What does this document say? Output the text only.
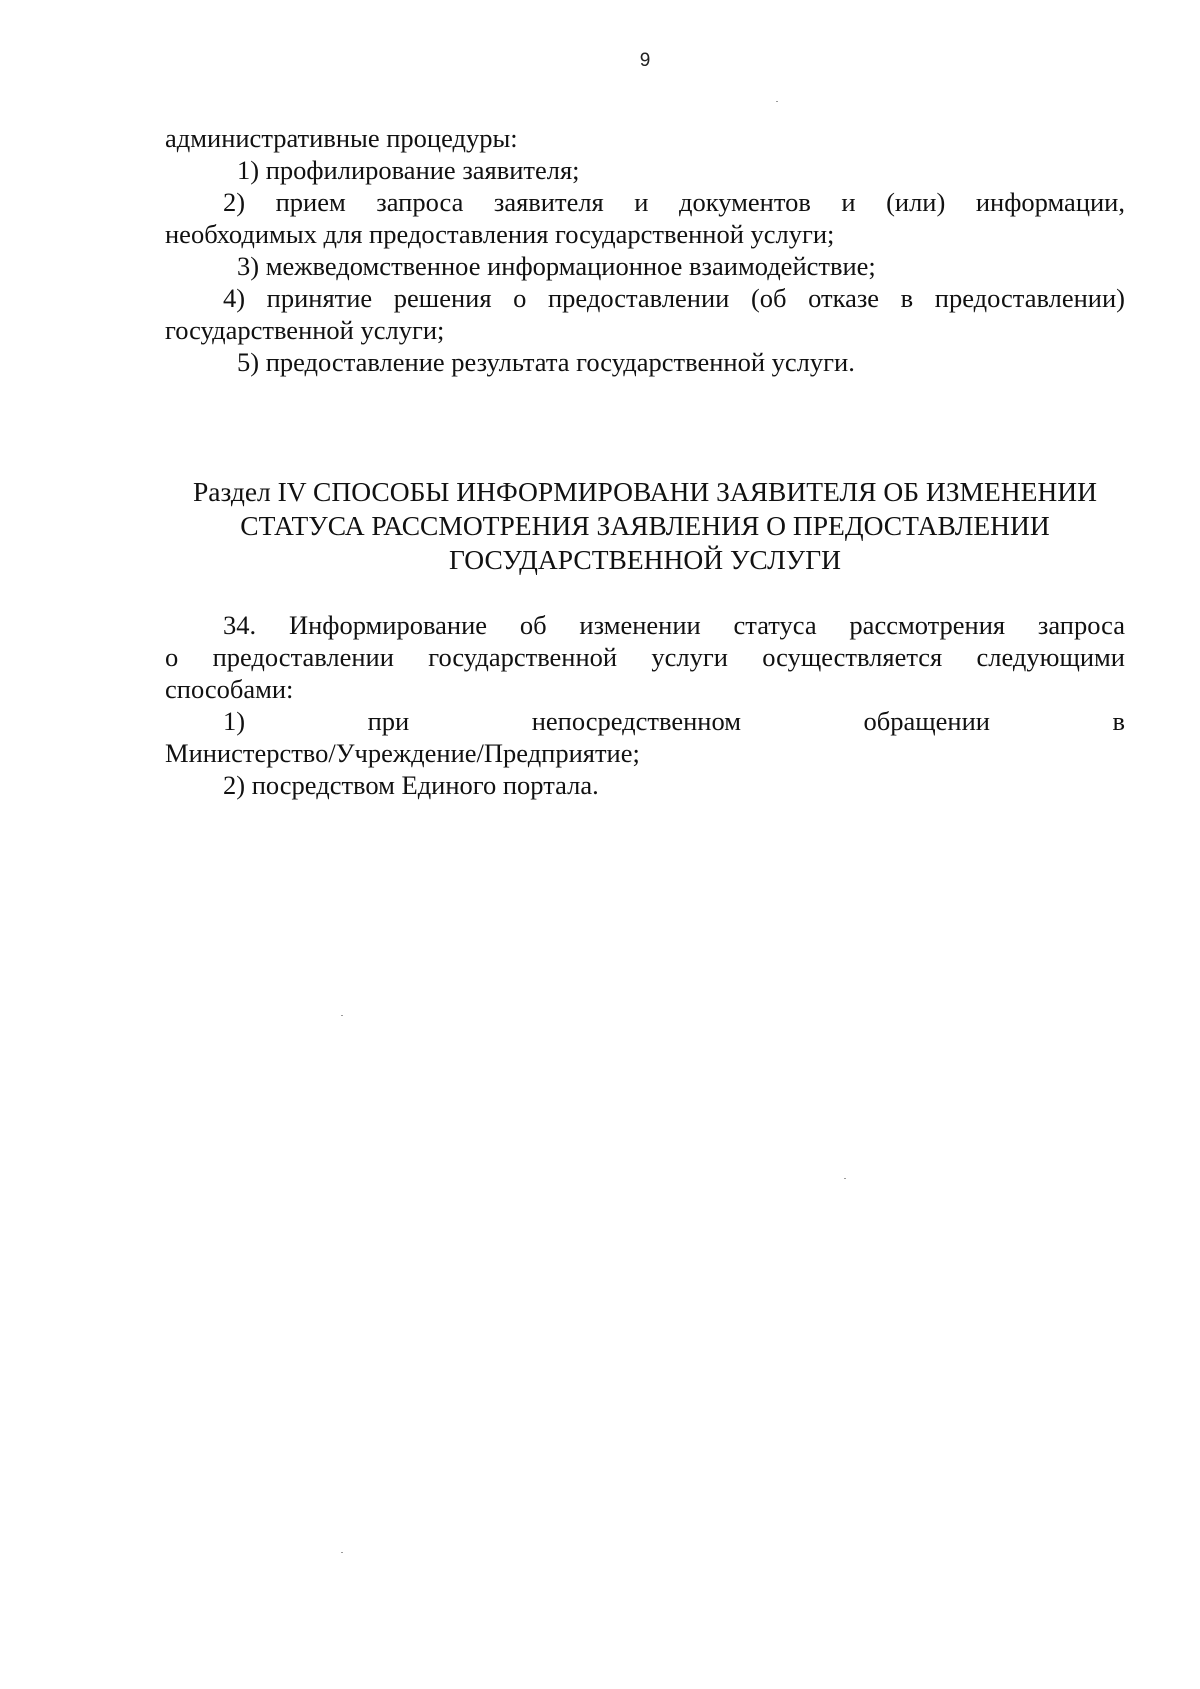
9
административные процедуры:
1) профилирование заявителя;
2) прием запроса заявителя и документов и (или) информации,
необходимых для предоставления государственной услуги;
3) межведомственное информационное взаимодействие;
4) принятие решения о предоставлении (об отказе в предоставлении)
государственной услуги;
5) предоставление результата государственной услуги.
Раздел IV СПОСОБЫ ИНФОРМИРОВАНИ ЗАЯВИТЕЛЯ ОБ ИЗМЕНЕНИИ
СТАТУСА РАССМОТРЕНИЯ ЗАЯВЛЕНИЯ О ПРЕДОСТАВЛЕНИИ
ГОСУДАРСТВЕННОЙ УСЛУГИ
34. Информирование об изменении статуса рассмотрения запроса
о предоставлении государственной услуги осуществляется следующими
способами:
1) при непосредственном обращении в
Министерство/Учреждение/Предприятие;
2) посредством Единого портала.
